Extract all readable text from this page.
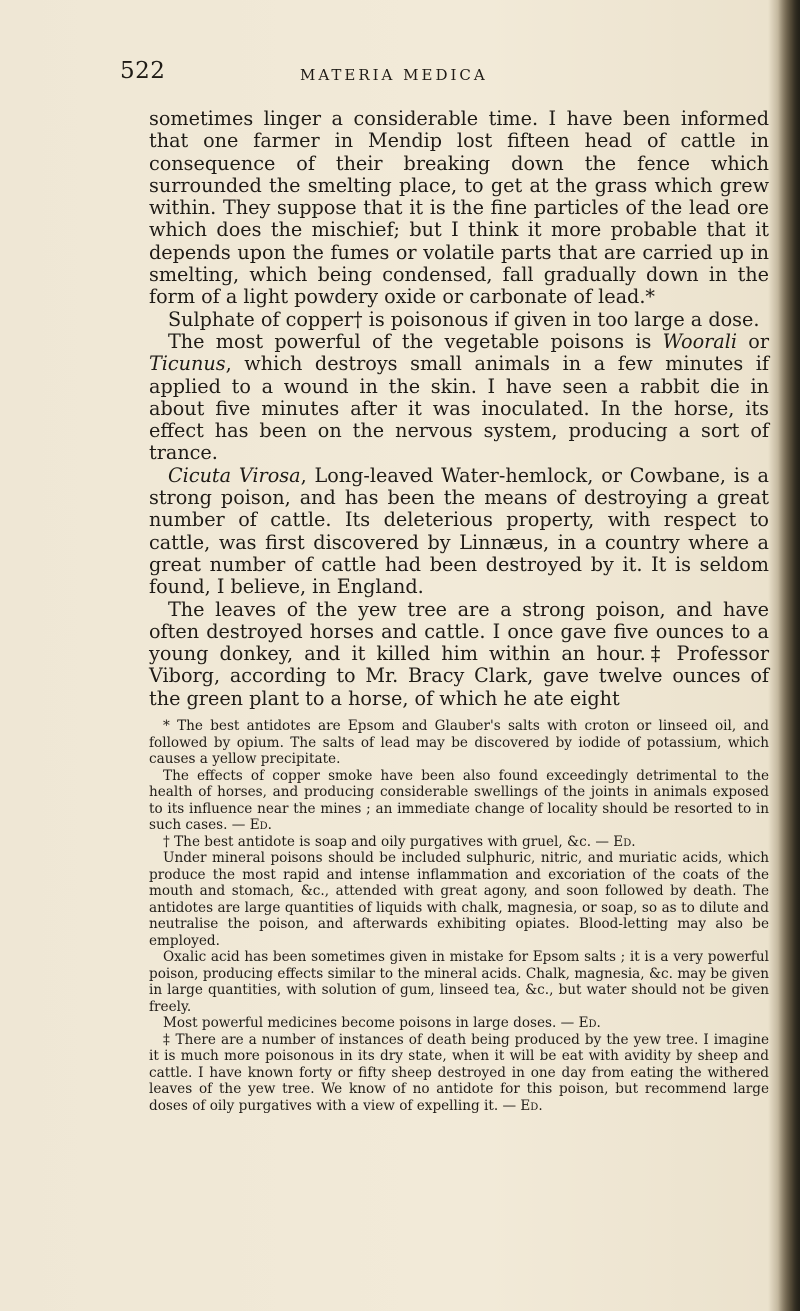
522	MATERIA MEDICA

sometimes linger a considerable time. I have been informed that one farmer in Mendip lost fifteen head of cattle in consequence of their breaking down the fence which surrounded the smelting place, to get at the grass which grew within. They suppose that it is the fine particles of the lead ore which does the mischief; but I think it more probable that it depends upon the fumes or volatile parts that are carried up in smelting, which being condensed, fall gradually down in the form of a light powdery oxide or carbonate of lead.*

Sulphate of copper† is poisonous if given in too large a dose.

The most powerful of the vegetable poisons is Woorali or Ticunus, which destroys small animals in a few minutes if applied to a wound in the skin. I have seen a rabbit die in about five minutes after it was inoculated. In the horse, its effect has been on the nervous system, producing a sort of trance.

Cicuta Virosa, Long-leaved Water-hemlock, or Cowbane, is a strong poison, and has been the means of destroying a great number of cattle. Its deleterious property, with respect to cattle, was first discovered by Linnæus, in a country where a great number of cattle had been destroyed by it. It is seldom found, I believe, in England.

The leaves of the yew tree are a strong poison, and have often destroyed horses and cattle. I once gave five ounces to a young donkey, and it killed him within an hour.‡ Professor Viborg, according to Mr. Bracy Clark, gave twelve ounces of the green plant to a horse, of which he ate eight

* The best antidotes are Epsom and Glauber's salts with croton or linseed oil, and followed by opium. The salts of lead may be discovered by iodide of potassium, which causes a yellow precipitate.

The effects of copper smoke have been also found exceedingly detrimental to the health of horses, and producing considerable swellings of the joints in animals exposed to its influence near the mines ; an immediate change of locality should be resorted to in such cases. — Ed.

† The best antidote is soap and oily purgatives with gruel, &c. — Ed.

Under mineral poisons should be included sulphuric, nitric, and muriatic acids, which produce the most rapid and intense inflammation and excoriation of the coats of the mouth and stomach, &c., attended with great agony, and soon followed by death. The antidotes are large quantities of liquids with chalk, magnesia, or soap, so as to dilute and neutralise the poison, and afterwards exhibiting opiates. Blood-letting may also be employed.

Oxalic acid has been sometimes given in mistake for Epsom salts ; it is a very powerful poison, producing effects similar to the mineral acids. Chalk, magnesia, &c. may be given in large quantities, with solution of gum, linseed tea, &c., but water should not be given freely.

Most powerful medicines become poisons in large doses. — Ed.

‡ There are a number of instances of death being produced by the yew tree. I imagine it is much more poisonous in its dry state, when it will be eat with avidity by sheep and cattle. I have known forty or fifty sheep destroyed in one day from eating the withered leaves of the yew tree. We know of no antidote for this poison, but recommend large doses of oily purgatives with a view of expelling it. — Ed.
